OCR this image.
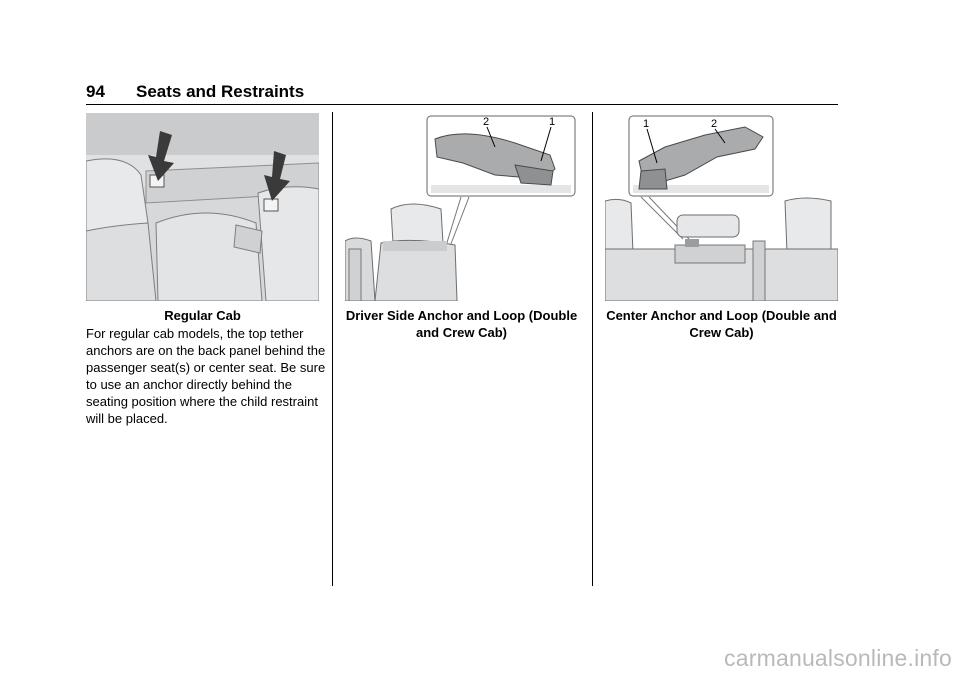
94 Seats and Restraints
Regular Cab
2	1
Driver Side Anchor and Loop (Double and Crew Cab)
1	2
Center Anchor and Loop (Double and Crew Cab)
For regular cab models, the top tether anchors are on the back panel behind the passenger seat(s) or center seat. Be sure to use an anchor directly behind the seating position where the child restraint will be placed.
carmanualsonline.info
